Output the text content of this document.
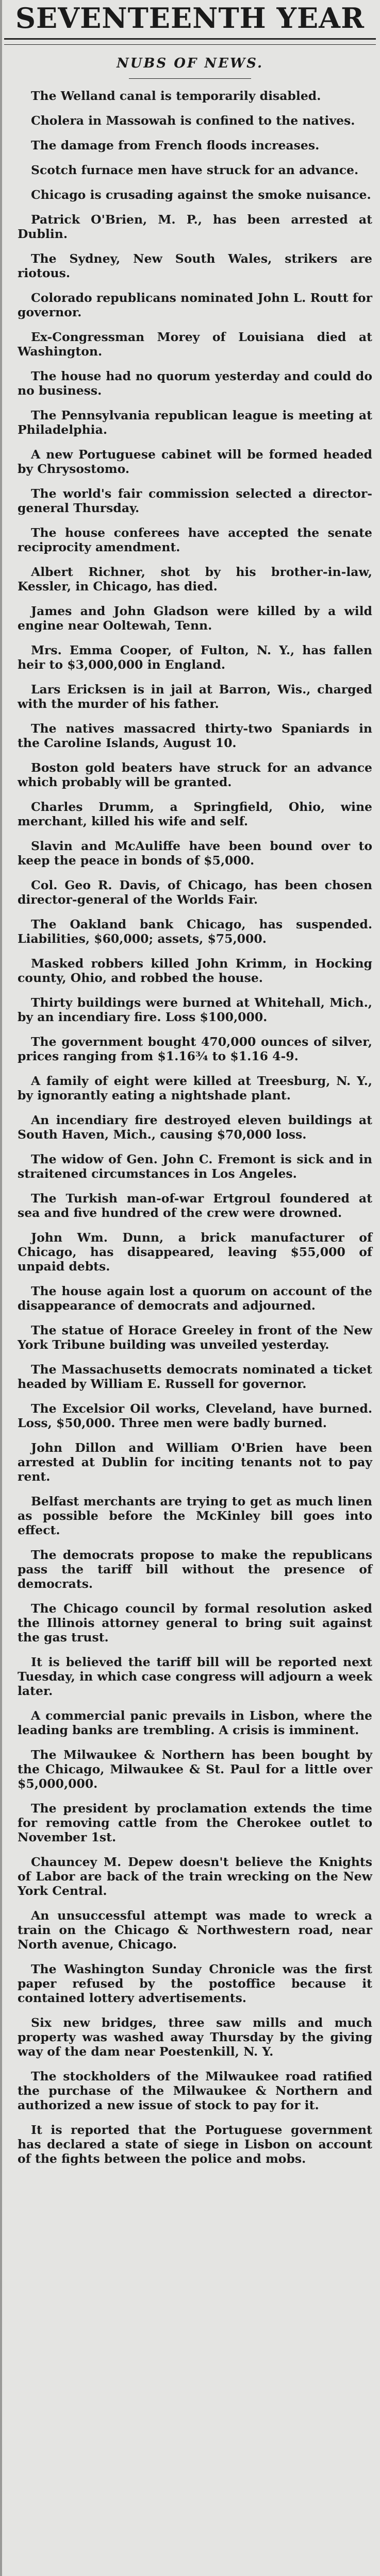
SEVENTEENTH YEAR
NUBS OF NEWS.

The Welland canal is temporarily disabled.

Cholera in Massowah is confined to the natives.

The damage from French floods increases.

Scotch furnace men have struck for an advance.

Chicago is crusading against the smoke nuisance.

Patrick O'Brien, M. P., has been arrested at Dublin.

The Sydney, New South Wales, strikers are riotous.

Colorado republicans nominated John L. Routt for governor.

Ex-Congressman Morey of Louisiana died at Washington.

The house had no quorum yesterday and could do no business.

The Pennsylvania republican league is meeting at Philadelphia.

A new Portuguese cabinet will be formed headed by Chrysostomo.

The world's fair commission selected a director-general Thursday.

The house conferees have accepted the senate reciprocity amendment.

Albert Richner, shot by his brother-in-law, Kessler, in Chicago, has died.

James and John Gladson were killed by a wild engine near Ooltewah, Tenn.

Mrs. Emma Cooper, of Fulton, N. Y., has fallen heir to $3,000,000 in England.

Lars Ericksen is in jail at Barron, Wis., charged with the murder of his father.

The natives massacred thirty-two Spaniards in the Caroline Islands, August 10.

Boston gold beaters have struck for an advance which probably will be granted.

Charles Drumm, a Springfield, Ohio, wine merchant, killed his wife and self.

Slavin and McAuliffe have been bound over to keep the peace in bonds of $5,000.

Col. Geo R. Davis, of Chicago, has been chosen director-general of the Worlds Fair.

The Oakland bank Chicago, has suspended. Liabilities, $60,000; assets, $75,000.

Masked robbers killed John Krimm, in Hocking county, Ohio, and robbed the house.

Thirty buildings were burned at Whitehall, Mich., by an incendiary fire. Loss $100,000.

The government bought 470,000 ounces of silver, prices ranging from $1.16¾ to $1.16 4-9.

A family of eight were killed at Treesburg, N. Y., by ignorantly eating a nightshade plant.

An incendiary fire destroyed eleven buildings at South Haven, Mich., causing $70,000 loss.

The widow of Gen. John C. Fremont is sick and in straitened circumstances in Los Angeles.

The Turkish man-of-war Ertgroul foundered at sea and five hundred of the crew were drowned.

John Wm. Dunn, a brick manufacturer of Chicago, has disappeared, leaving $55,000 of unpaid debts.

The house again lost a quorum on account of the disappearance of democrats and adjourned.

The statue of Horace Greeley in front of the New York Tribune building was unveiled yesterday.

The Massachusetts democrats nominated a ticket headed by William E. Russell for governor.

The Excelsior Oil works, Cleveland, have burned. Loss, $50,000. Three men were badly burned.

John Dillon and William O'Brien have been arrested at Dublin for inciting tenants not to pay rent.

Belfast merchants are trying to get as much linen as possible before the McKinley bill goes into effect.

The democrats propose to make the republicans pass the tariff bill without the presence of democrats.

The Chicago council by formal resolution asked the Illinois attorney general to bring suit against the gas trust.

It is believed the tariff bill will be reported next Tuesday, in which case congress will adjourn a week later.

A commercial panic prevails in Lisbon, where the leading banks are trembling. A crisis is imminent.

The Milwaukee & Northern has been bought by the Chicago, Milwaukee & St. Paul for a little over $5,000,000.

The president by proclamation extends the time for removing cattle from the Cherokee outlet to November 1st.

Chauncey M. Depew doesn't believe the Knights of Labor are back of the train wrecking on the New York Central.

An unsuccessful attempt was made to wreck a train on the Chicago & Northwestern road, near North avenue, Chicago.

The Washington Sunday Chronicle was the first paper refused by the postoffice because it contained lottery advertisements.

Six new bridges, three saw mills and much property was washed away Thursday by the giving way of the dam near Poestenkill, N. Y.

The stockholders of the Milwaukee road ratified the purchase of the Milwaukee & Northern and authorized a new issue of stock to pay for it.

It is reported that the Portuguese government has declared a state of siege in Lisbon on account of the fights between the police and mobs.
